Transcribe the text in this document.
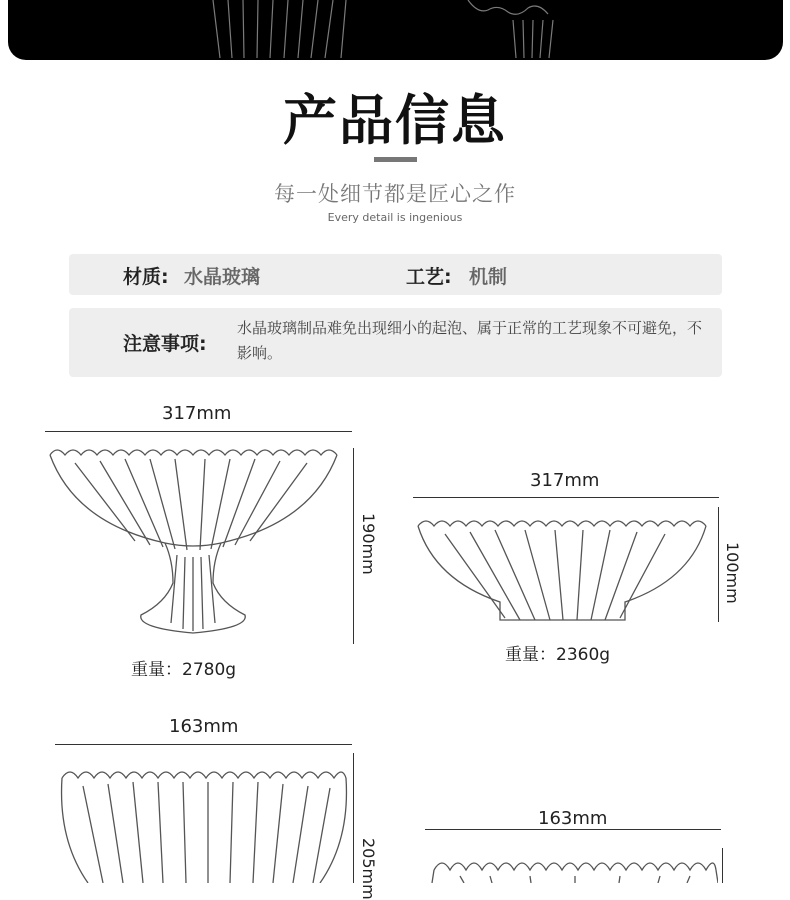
产品信息
每一处细节都是匠心之作
Every detail is ingenious
材质: 水晶玻璃	工艺: 机制
注意事项:
水晶玻璃制品难免出现细小的起泡、属于正常的工艺现象不可避免，不影响。
317mm
190mm
重量：2780g
317mm
100mm
重量：2360g
163mm
205mm
163mm
